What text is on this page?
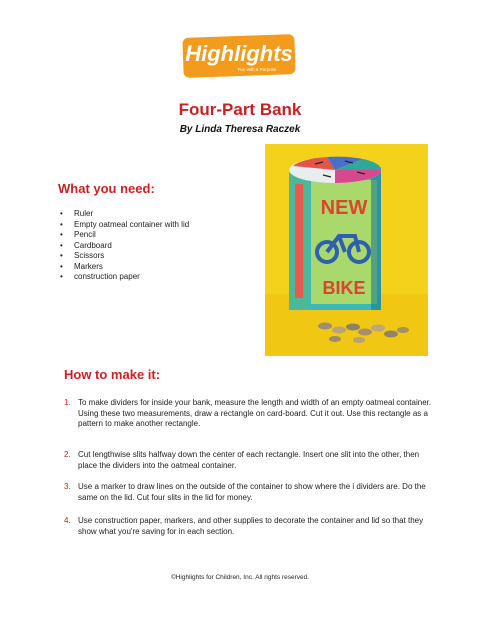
Highlights
Fun with a Purpose
Four-Part Bank
By Linda Theresa Raczek
What you need:
• Ruler
• Empty oatmeal container with lid
• Pencil
• Cardboard
• Scissors
• Markers
• construction paper
NEW
BIKE
How to make it:
1. To make dividers for inside your bank, measure the length and width of an empty oatmeal container. Using these two measurements, draw a rectangle on card-board. Cut it out. Use this rectangle as a pattern to make another rectangle.
2. Cut lengthwise slits halfway down the center of each rectangle. Insert one slit into the other, then place the dividers into the oatmeal container.
3. Use a marker to draw lines on the outside of the container to show where the i dividers are. Do the same on the lid. Cut four slits in the lid for money.
4. Use construction paper, markers, and other supplies to decorate the container and lid so that they show what you're saving for in each section.
©Highlights for Children, Inc. All rights reserved.
